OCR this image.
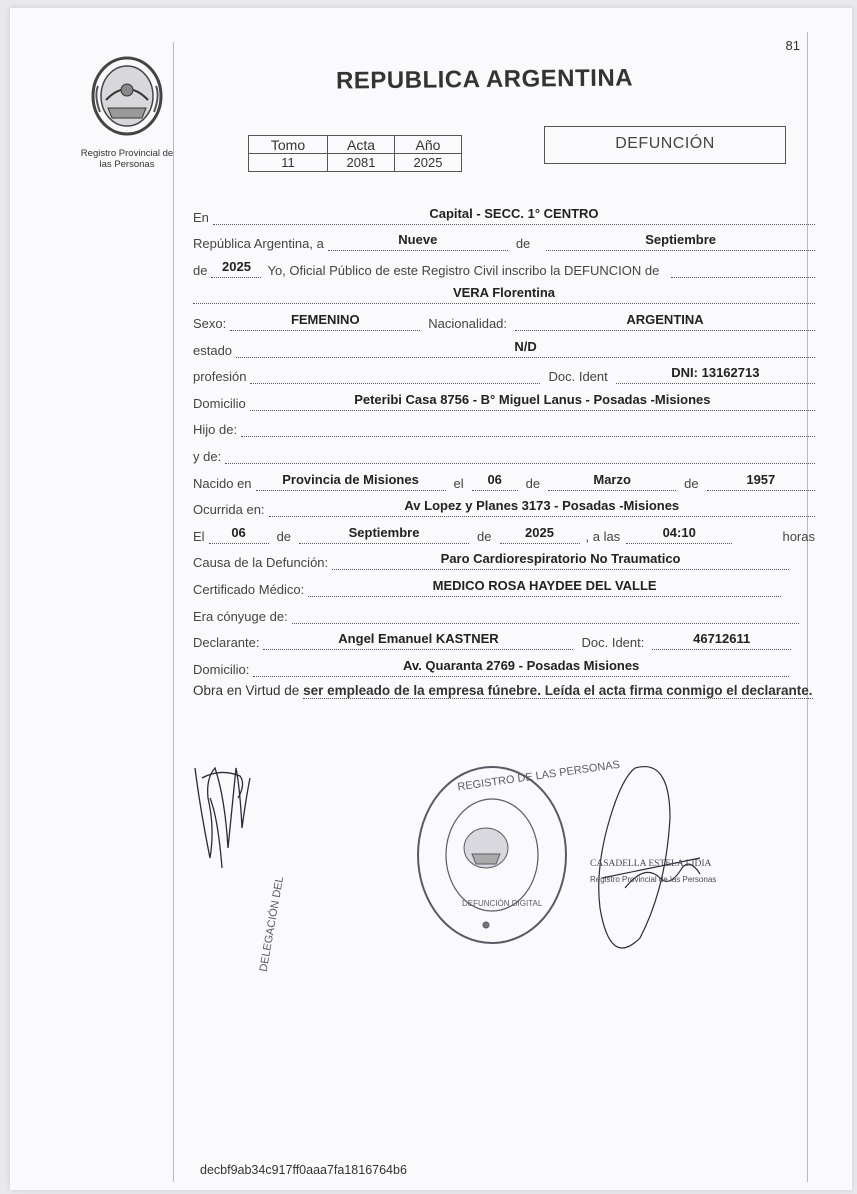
81
Registro Provincial de
las Personas
REPUBLICA ARGENTINA
Tomo	Acta	Año
11	2081	2025
DEFUNCIÓN
En	Capital - SECC. 1° CENTRO
República Argentina, a	Nueve	de	Septiembre
de	2025	Yo, Oficial Público de este Registro Civil inscribo la DEFUNCION de
VERA Florentina
Sexo:	FEMENINO	Nacionalidad:	ARGENTINA
estado	N/D
profesión	Doc. Ident	DNI: 13162713
Domicilio	Peteribi Casa 8756 - B° Miguel Lanus - Posadas -Misiones
Hijo de:
y de:
Nacido en	Provincia de Misiones	el	06	de	Marzo	de	1957
Ocurrida en:	Av Lopez y Planes 3173 - Posadas -Misiones
El	06	de	Septiembre	de	2025	, a las	04:10	horas
Causa de la Defunción:	Paro Cardiorespiratorio No Traumatico
Certificado Médico:	MEDICO ROSA HAYDEE DEL VALLE
Era cónyuge de:
Declarante:	Angel Emanuel KASTNER	Doc. Ident:	46712611
Domicilio:	Av. Quaranta 2769 - Posadas Misiones
Obra en Virtud de ser empleado de la empresa fúnebre. Leída el acta firma conmigo el declarante.
REGISTRO DE LAS PERSONAS
DELEGACIÓN DEL	DEFUNCIÓN DIGITAL
CASADELLA ESTELA LIDIA
Registro Provincial de las Personas
decbf9ab34c917ff0aaa7fa1816764b6
